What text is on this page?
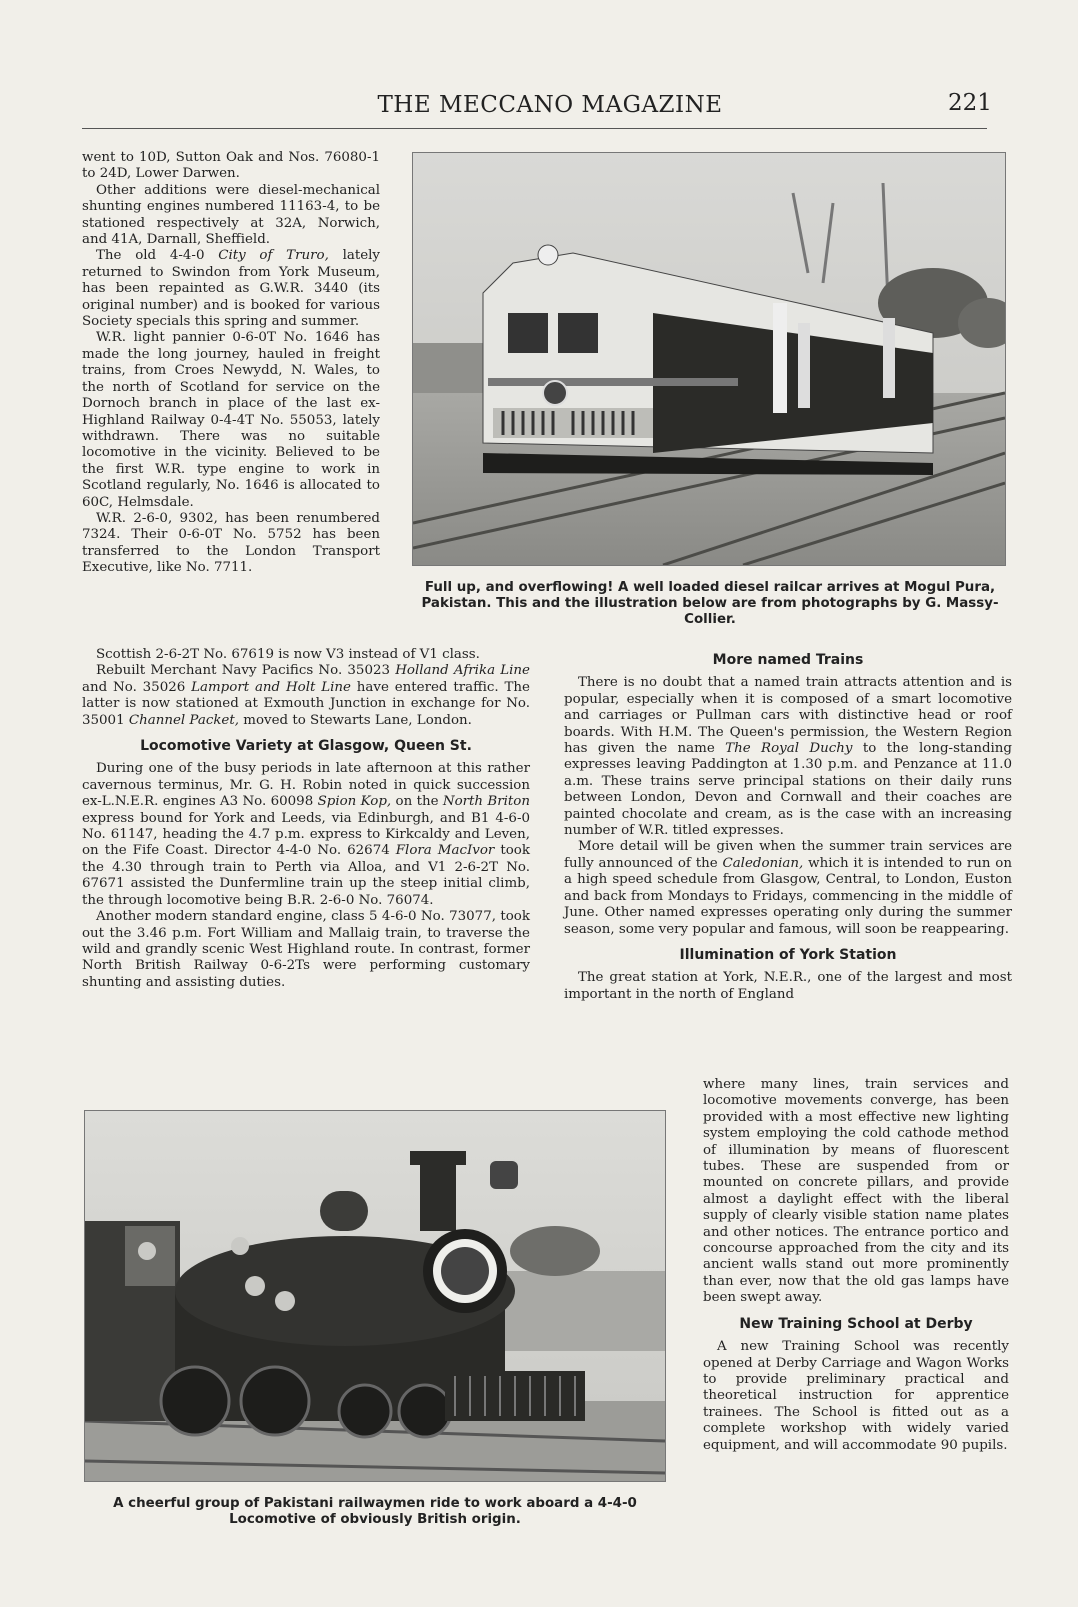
THE MECCANO MAGAZINE	221

went to 10D, Sutton Oak and Nos. 76080-1 to 24D, Lower Darwen.

Other additions were diesel-mechanical shunting engines numbered 11163-4, to be stationed respectively at 32A, Norwich, and 41A, Darnall, Sheffield.

The old 4-4-0 City of Truro, lately returned to Swindon from York Museum, has been repainted as G.W.R. 3440 (its original number) and is booked for various Society specials this spring and summer.

W.R. light pannier 0-6-0T No. 1646 has made the long journey, hauled in freight trains, from Croes Newydd, N. Wales, to the north of Scotland for service on the Dornoch branch in place of the last ex-Highland Railway 0-4-4T No. 55053, lately withdrawn. There was no suitable locomotive in the vicinity. Believed to be the first W.R. type engine to work in Scotland regularly, No. 1646 is allocated to 60C, Helmsdale.

W.R. 2-6-0, 9302, has been renumbered 7324. Their 0-6-0T No. 5752 has been transferred to the London Transport Executive, like No. 7711.

Full up, and overflowing! A well loaded diesel railcar arrives at Mogul Pura, Pakistan. This and the illustration below are from photographs by G. Massy-Collier.

Scottish 2-6-2T No. 67619 is now V3 instead of V1 class.

Rebuilt Merchant Navy Pacifics No. 35023 Holland Afrika Line and No. 35026 Lamport and Holt Line have entered traffic. The latter is now stationed at Exmouth Junction in exchange for No. 35001 Channel Packet, moved to Stewarts Lane, London.

Locomotive Variety at Glasgow, Queen St.

During one of the busy periods in late afternoon at this rather cavernous terminus, Mr. G. H. Robin noted in quick succession ex-L.N.E.R. engines A3 No. 60098 Spion Kop, on the North Briton express bound for York and Leeds, via Edinburgh, and B1 4-6-0 No. 61147, heading the 4.7 p.m. express to Kirkcaldy and Leven, on the Fife Coast. Director 4-4-0 No. 62674 Flora MacIvor took the 4.30 through train to Perth via Alloa, and V1 2-6-2T No. 67671 assisted the Dunfermline train up the steep initial climb, the through locomotive being B.R. 2-6-0 No. 76074.

Another modern standard engine, class 5 4-6-0 No. 73077, took out the 3.46 p.m. Fort William and Mallaig train, to traverse the wild and grandly scenic West Highland route. In contrast, former North British Railway 0-6-2Ts were performing customary shunting and assisting duties.

More named Trains

There is no doubt that a named train attracts attention and is popular, especially when it is composed of a smart locomotive and carriages or Pullman cars with distinctive head or roof boards. With H.M. The Queen's permission, the Western Region has given the name The Royal Duchy to the long-standing expresses leaving Paddington at 1.30 p.m. and Penzance at 11.0 a.m. These trains serve principal stations on their daily runs between London, Devon and Cornwall and their coaches are painted chocolate and cream, as is the case with an increasing number of W.R. titled expresses.

More detail will be given when the summer train services are fully announced of the Caledonian, which it is intended to run on a high speed schedule from Glasgow, Central, to London, Euston and back from Mondays to Fridays, commencing in the middle of June. Other named expresses operating only during the summer season, some very popular and famous, will soon be reappearing.

Illumination of York Station

The great station at York, N.E.R., one of the largest and most important in the north of England

A cheerful group of Pakistani railwaymen ride to work aboard a 4-4-0 Locomotive of obviously British origin.

where many lines, train services and locomotive movements converge, has been provided with a most effective new lighting system employing the cold cathode method of illumination by means of fluorescent tubes. These are suspended from or mounted on concrete pillars, and provide almost a daylight effect with the liberal supply of clearly visible station name plates and other notices. The entrance portico and concourse approached from the city and its ancient walls stand out more prominently than ever, now that the old gas lamps have been swept away.

New Training School at Derby

A new Training School was recently opened at Derby Carriage and Wagon Works to provide preliminary practical and theoretical instruction for apprentice trainees. The School is fitted out as a complete workshop with widely varied equipment, and will accommodate 90 pupils.
